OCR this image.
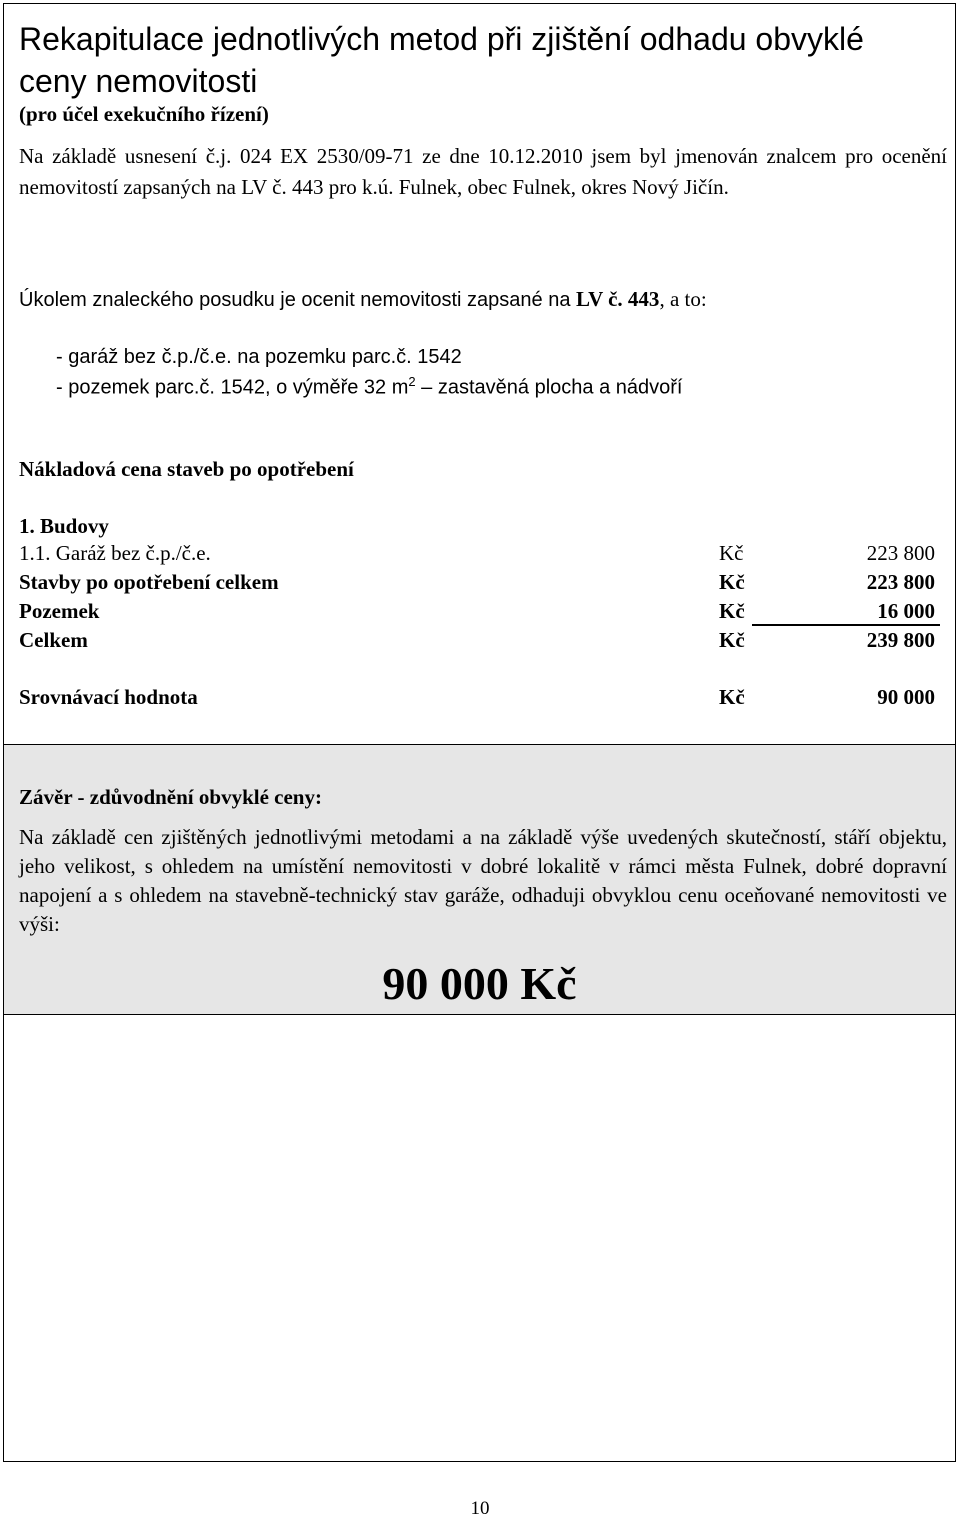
Rekapitulace jednotlivých metod při zjištění odhadu obvyklé
ceny nemovitosti
(pro účel exekučního řízení)
Na základě usnesení č.j. 024 EX 2530/09-71 ze dne 10.12.2010 jsem byl jmenován znalcem pro ocenění nemovitostí zapsaných na LV č. 443 pro k.ú. Fulnek, obec Fulnek, okres Nový Jičín.
Úkolem znaleckého posudku je ocenit nemovitosti zapsané na LV č. 443, a to:
- garáž bez č.p./č.e. na pozemku parc.č. 1542
- pozemek parc.č. 1542, o výměře 32 $m^2$ – zastavěná plocha a nádvoří
Nákladová cena staveb po opotřebení
1. Budovy
1.1. Garáž bez č.p./č.e.	Kč	223 800
Stavby po opotřebení celkem	Kč	223 800
Pozemek	Kč	16 000
Celkem	Kč	239 800
Srovnávací hodnota	Kč	90 000
Závěr - zdůvodnění obvyklé ceny:
Na základě cen zjištěných jednotlivými metodami a na základě výše uvedených skutečností, stáří objektu, jeho velikost, s ohledem na umístění nemovitosti v dobré lokalitě v rámci města Fulnek, dobré dopravní napojení a s ohledem na stavebně-technický stav garáže, odhaduji obvyklou cenu oceňované nemovitosti ve výši:
90 000 Kč
10
